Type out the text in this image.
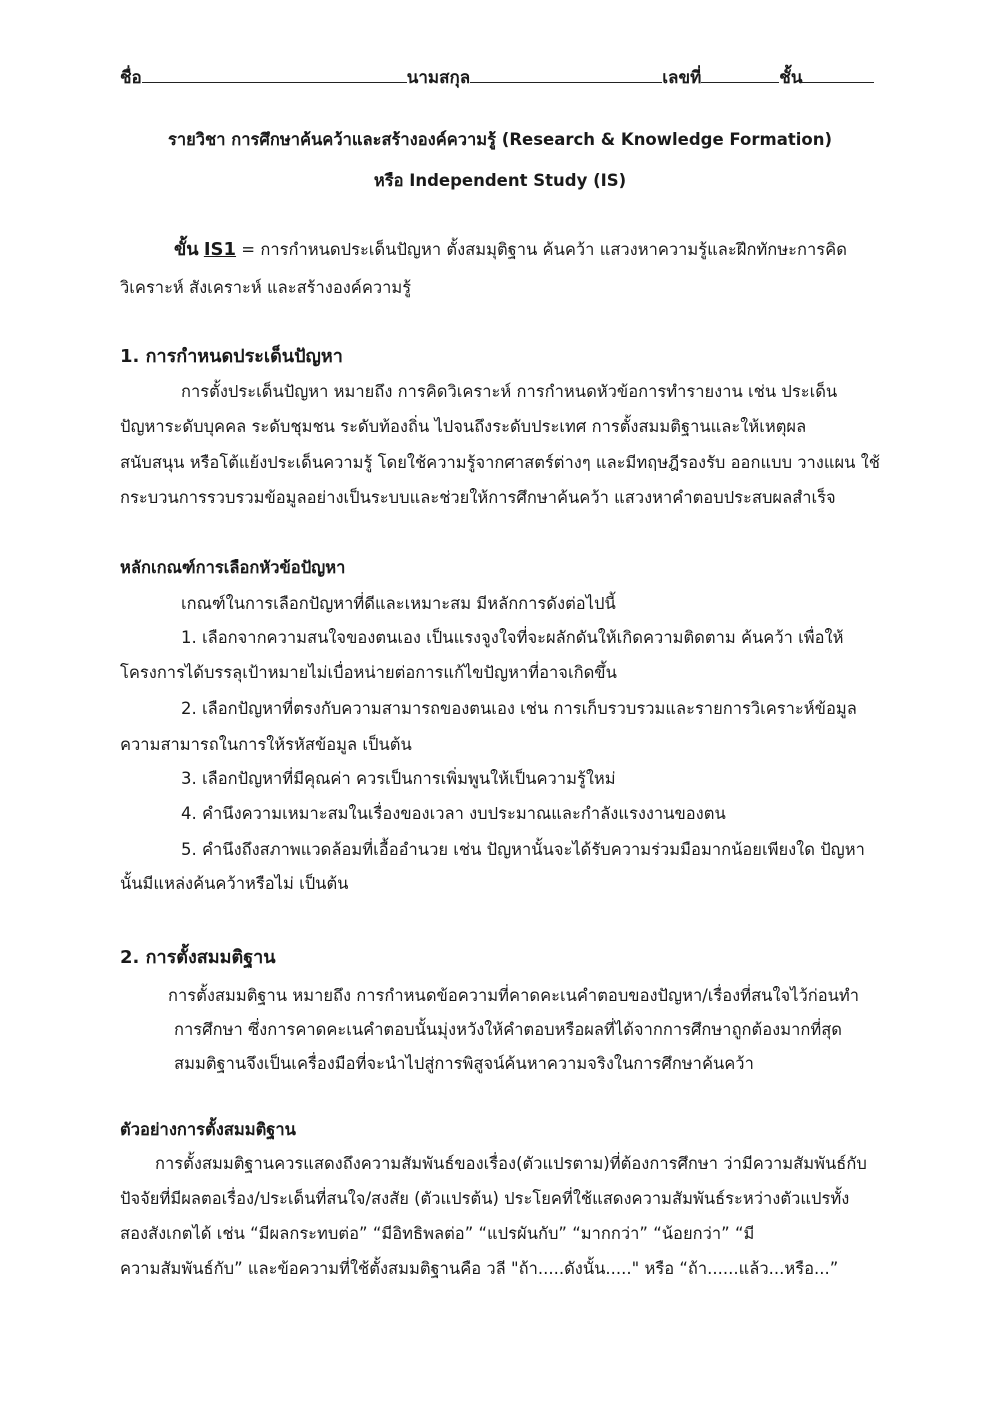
ชื่อ	นามสกุล	เลขที่	ชั้น
รายวิชา การศึกษาค้นคว้าและสร้างองค์ความรู้ (Research & Knowledge Formation)
หรือ Independent Study (IS)
ขั้น IS1 = การกำหนดประเด็นปัญหา ตั้งสมมุติฐาน ค้นคว้า แสวงหาความรู้และฝึกทักษะการคิด
วิเคราะห์ สังเคราะห์ และสร้างองค์ความรู้
1. การกำหนดประเด็นปัญหา
การตั้งประเด็นปัญหา หมายถึง การคิดวิเคราะห์ การกำหนดหัวข้อการทำรายงาน เช่น ประเด็น
ปัญหาระดับบุคคล ระดับชุมชน ระดับท้องถิ่น ไปจนถึงระดับประเทศ การตั้งสมมติฐานและให้เหตุผล
สนับสนุน หรือโต้แย้งประเด็นความรู้ โดยใช้ความรู้จากศาสตร์ต่างๆ และมีทฤษฎีรองรับ ออกแบบ วางแผน ใช้
กระบวนการรวบรวมข้อมูลอย่างเป็นระบบและช่วยให้การศึกษาค้นคว้า แสวงหาคำตอบประสบผลสำเร็จ
หลักเกณฑ์การเลือกหัวข้อปัญหา
เกณฑ์ในการเลือกปัญหาที่ดีและเหมาะสม มีหลักการดังต่อไปนี้
1. เลือกจากความสนใจของตนเอง เป็นแรงจูงใจที่จะผลักดันให้เกิดความติดตาม ค้นคว้า เพื่อให้
โครงการได้บรรลุเป้าหมายไม่เบื่อหน่ายต่อการแก้ไขปัญหาที่อาจเกิดขึ้น
2. เลือกปัญหาที่ตรงกับความสามารถของตนเอง เช่น การเก็บรวบรวมและรายการวิเคราะห์ข้อมูล
ความสามารถในการให้รหัสข้อมูล เป็นต้น
3. เลือกปัญหาที่มีคุณค่า ควรเป็นการเพิ่มพูนให้เป็นความรู้ใหม่
4. คำนึงความเหมาะสมในเรื่องของเวลา งบประมาณและกำลังแรงงานของตน
5. คำนึงถึงสภาพแวดล้อมที่เอื้ออำนวย เช่น ปัญหานั้นจะได้รับความร่วมมือมากน้อยเพียงใด ปัญหา
นั้นมีแหล่งค้นคว้าหรือไม่ เป็นต้น
2. การตั้งสมมติฐาน
การตั้งสมมติฐาน หมายถึง การกำหนดข้อความที่คาดคะเนคำตอบของปัญหา/เรื่องที่สนใจไว้ก่อนทำ
การศึกษา ซึ่งการคาดคะเนคำตอบนั้นมุ่งหวังให้คำตอบหรือผลที่ได้จากการศึกษาถูกต้องมากที่สุด
สมมติฐานจึงเป็นเครื่องมือที่จะนำไปสู่การพิสูจน์ค้นหาความจริงในการศึกษาค้นคว้า
ตัวอย่างการตั้งสมมติฐาน
การตั้งสมมติฐานควรแสดงถึงความสัมพันธ์ของเรื่อง(ตัวแปรตาม)ที่ต้องการศึกษา ว่ามีความสัมพันธ์กับ
ปัจจัยที่มีผลตอเรื่อง/ประเด็นที่สนใจ/สงสัย (ตัวแปรต้น) ประโยคที่ใช้แสดงความสัมพันธ์ระหว่างตัวแปรทั้ง
สองสังเกตได้ เช่น “มีผลกระทบต่อ” “มีอิทธิพลต่อ” “แปรผันกับ” “มากกว่า” “น้อยกว่า” “มี
ความสัมพันธ์กับ” และข้อความที่ใช้ตั้งสมมติฐานคือ วลี "ถ้า.....ดังนั้น....." หรือ “ถ้า......แล้ว...หรือ...”
